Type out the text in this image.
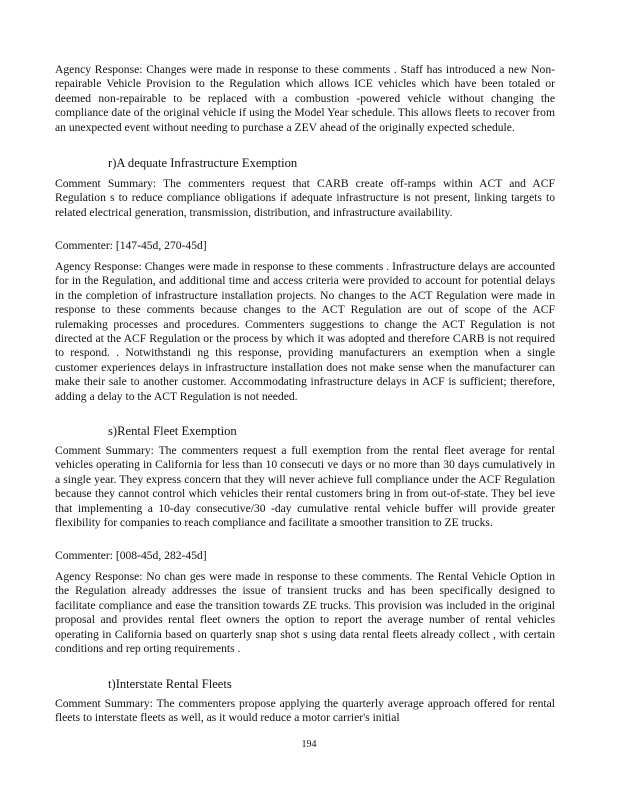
Agency Response: Changes were made in response to these comments . Staff has introduced a new Non-repairable Vehicle Provision to the Regulation which allows ICE vehicles which have been totaled or deemed non-repairable to be replaced with a combustion -powered vehicle without changing the compliance date of the original vehicle if using the Model Year schedule. This allows fleets to recover from an unexpected event without needing to purchase a ZEV ahead of the originally expected schedule.

r)A dequate Infrastructure Exemption

Comment Summary: The commenters request that CARB create off-ramps within ACT and ACF Regulation s to reduce compliance obligations if adequate infrastructure is not present, linking targets to related electrical generation, transmission, distribution, and infrastructure availability.

Commenter: [147-45d, 270-45d]

Agency Response: Changes were made in response to these comments . Infrastructure delays are accounted for in the Regulation, and additional time and access criteria were provided to account for potential delays in the completion of infrastructure installation projects. No changes to the ACT Regulation were made in response to these comments because changes to the ACT Regulation are out of scope of the ACF rulemaking processes and procedures. Commenters suggestions to change the ACT Regulation is not directed at the ACF Regulation or the process by which it was adopted and therefore CARB is not required to respond. . Notwithstandi ng this response, providing manufacturers an exemption when a single customer experiences delays in infrastructure installation does not make sense when the manufacturer can make their sale to another customer. Accommodating infrastructure delays in ACF is sufficient; therefore, adding a delay to the ACT Regulation is not needed.

s)Rental Fleet Exemption

Comment Summary: The commenters request a full exemption from the rental fleet average for rental vehicles operating in California for less than 10 consecuti ve days or no more than 30 days cumulatively in a single year. They express concern that they will never achieve full compliance under the ACF Regulation because they cannot control which vehicles their rental customers bring in from out-of-state. They bel ieve that implementing a 10-day consecutive/30 -day cumulative rental vehicle buffer will provide greater flexibility for companies to reach compliance and facilitate a smoother transition to ZE trucks.

Commenter: [008-45d, 282-45d]

Agency Response: No chan ges were made in response to these comments. The Rental Vehicle Option in the Regulation already addresses the issue of transient trucks and has been specifically designed to facilitate compliance and ease the transition towards ZE trucks. This provision was included in the original proposal and provides rental fleet owners the option to report the average number of rental vehicles operating in California based on quarterly snap shot s using data rental fleets already collect , with certain conditions and rep orting requirements .

t)Interstate Rental Fleets

Comment Summary: The commenters propose applying the quarterly average approach offered for rental fleets to interstate fleets as well, as it would reduce a motor carrier's initial

194
